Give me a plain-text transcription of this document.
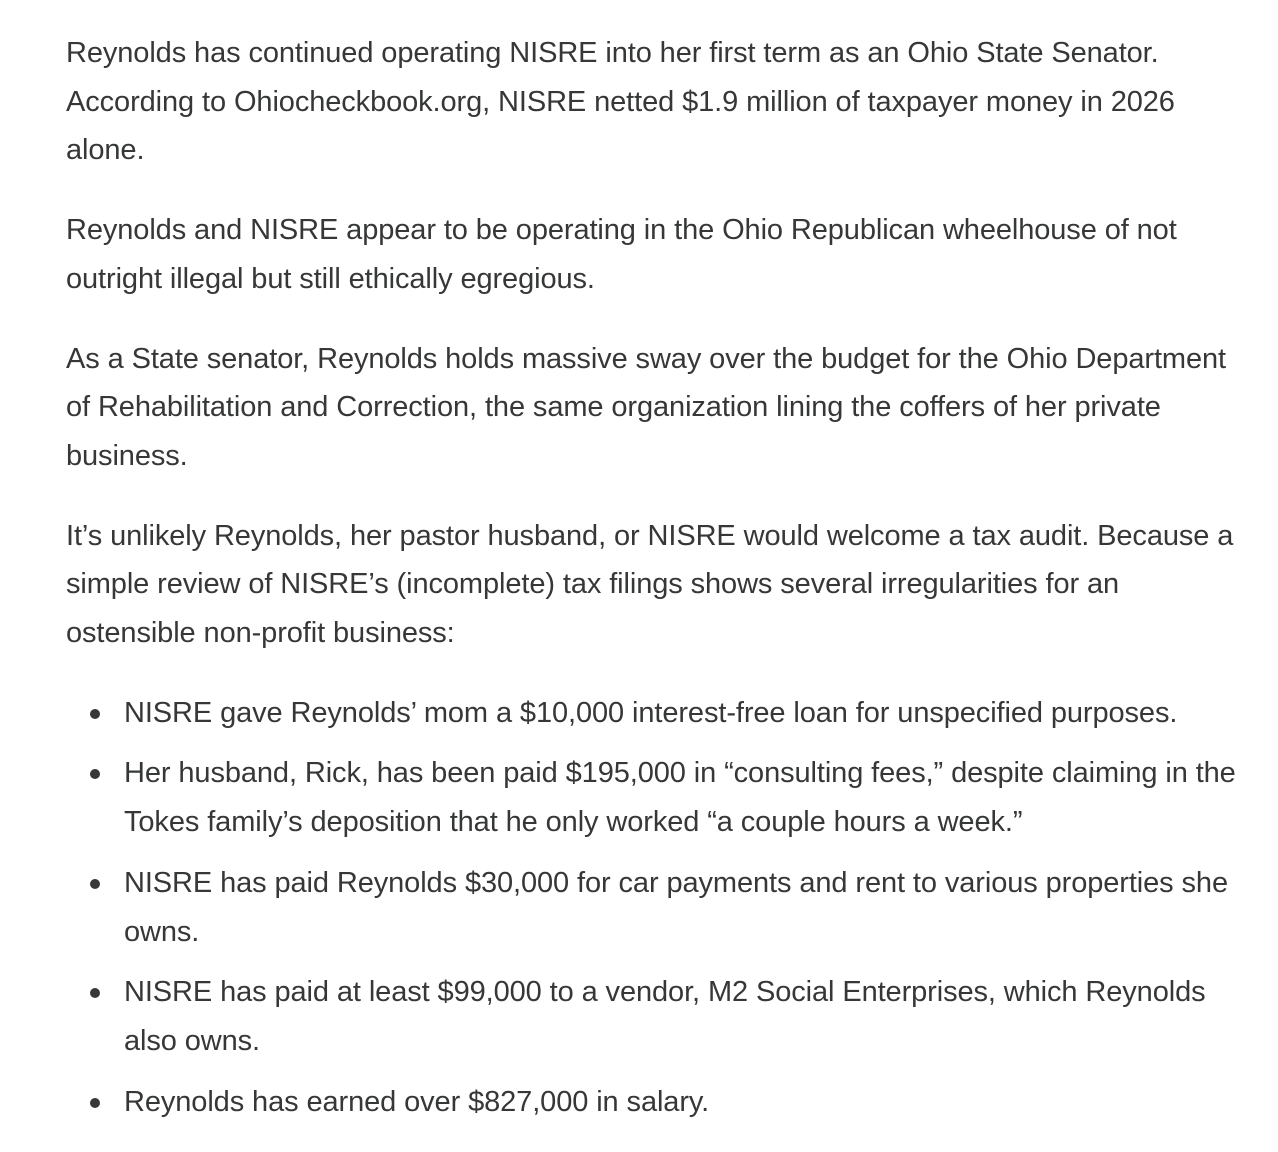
Reynolds has continued operating NISRE into her first term as an Ohio State Senator. According to Ohiocheckbook.org, NISRE netted $1.9 million of taxpayer money in 2026 alone.

Reynolds and NISRE appear to be operating in the Ohio Republican wheelhouse of not outright illegal but still ethically egregious.

As a State senator, Reynolds holds massive sway over the budget for the Ohio Department of Rehabilitation and Correction, the same organization lining the coffers of her private business.

It’s unlikely Reynolds, her pastor husband, or NISRE would welcome a tax audit. Because a simple review of NISRE’s (incomplete) tax filings shows several irregularities for an ostensible non-profit business:

NISRE gave Reynolds’ mom a $10,000 interest-free loan for unspecified purposes.
Her husband, Rick, has been paid $195,000 in “consulting fees,” despite claiming in the Tokes family’s deposition that he only worked “a couple hours a week.”
NISRE has paid Reynolds $30,000 for car payments and rent to various properties she owns.
NISRE has paid at least $99,000 to a vendor, M2 Social Enterprises, which Reynolds also owns.
Reynolds has earned over $827,000 in salary.
